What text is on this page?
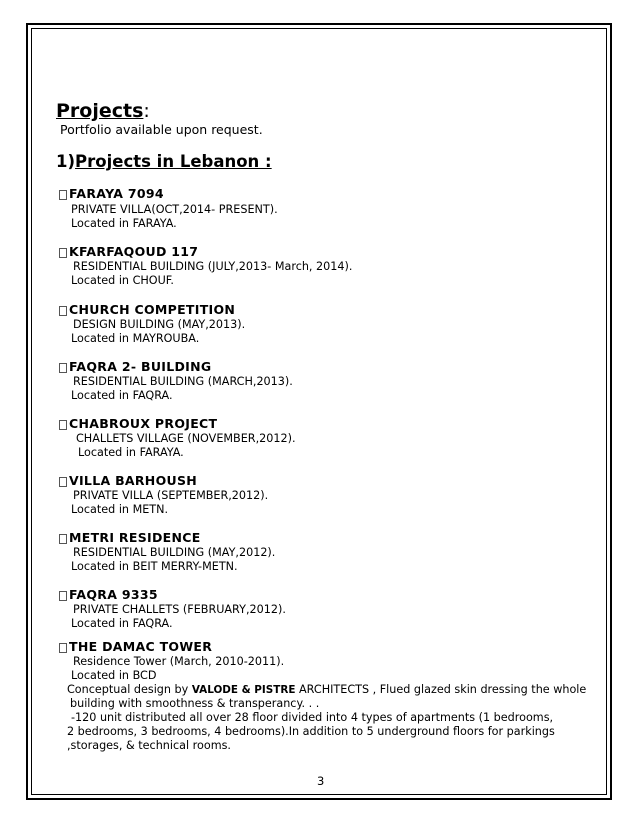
Projects:
Portfolio available upon request.
1)Projects in Lebanon :
FARAYA 7094
PRIVATE VILLA(OCT,2014- PRESENT).
Located in FARAYA.
KFARFAQOUD 117
RESIDENTIAL BUILDING (JULY,2013- March, 2014).
Located in CHOUF.
CHURCH COMPETITION
DESIGN BUILDING (MAY,2013).
Located in MAYROUBA.
FAQRA 2- BUILDING
RESIDENTIAL BUILDING (MARCH,2013).
Located in FAQRA.
CHABROUX PROJECT
CHALLETS VILLAGE (NOVEMBER,2012).
Located in FARAYA.
VILLA BARHOUSH
PRIVATE VILLA (SEPTEMBER,2012).
Located in METN.
METRI RESIDENCE
RESIDENTIAL BUILDING (MAY,2012).
Located in BEIT MERRY-METN.
FAQRA 9335
PRIVATE CHALLETS (FEBRUARY,2012).
Located in FAQRA.
THE DAMAC TOWER
Residence Tower (March, 2010-2011).
Located in BCD
Conceptual design by VALODE & PISTRE ARCHITECTS , Flued glazed skin dressing the whole
building with smoothness & transperancy. . .
-120 unit distributed all over 28 floor divided into 4 types of apartments (1 bedrooms,
2 bedrooms, 3 bedrooms, 4 bedrooms).In addition to 5 underground floors for parkings
,storages, & technical rooms.
3
